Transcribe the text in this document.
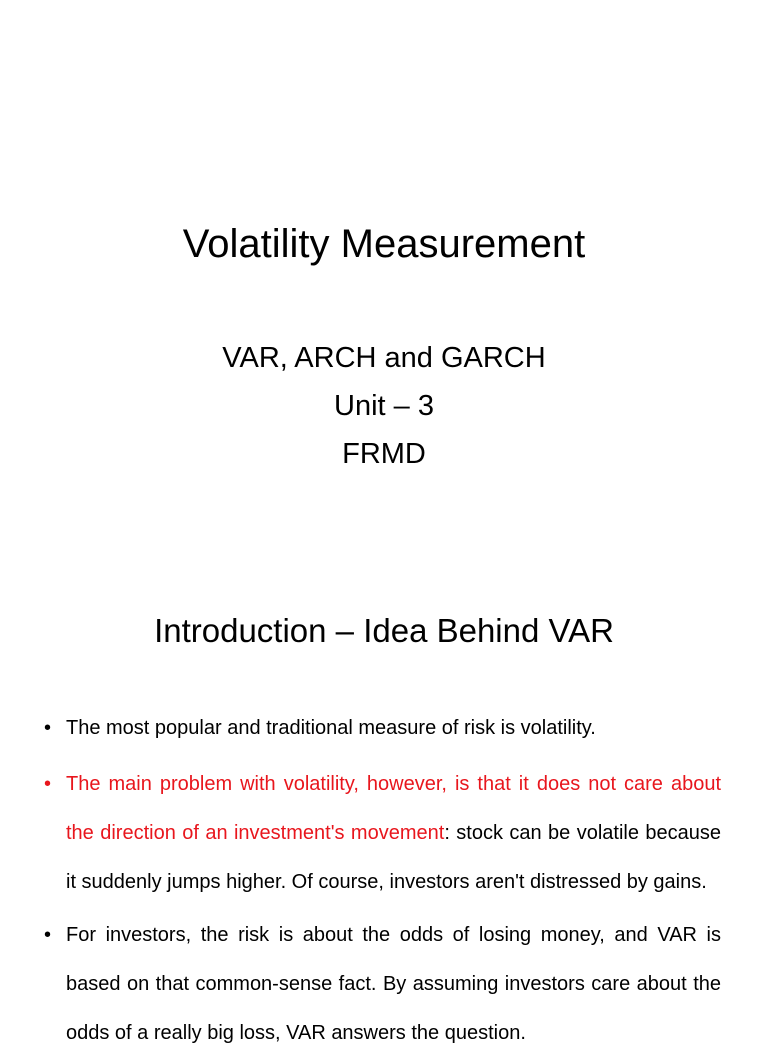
Volatility Measurement
VAR, ARCH and GARCH
Unit – 3
FRMD
Introduction – Idea Behind VAR
• The most popular and traditional measure of risk is volatility.
• The main problem with volatility, however, is that it does not care about the direction of an investment's movement: stock can be volatile because it suddenly jumps higher. Of course, investors aren't distressed by gains.
• For investors, the risk is about the odds of losing money, and VAR is based on that common-sense fact. By assuming investors care about the odds of a really big loss, VAR answers the question.
